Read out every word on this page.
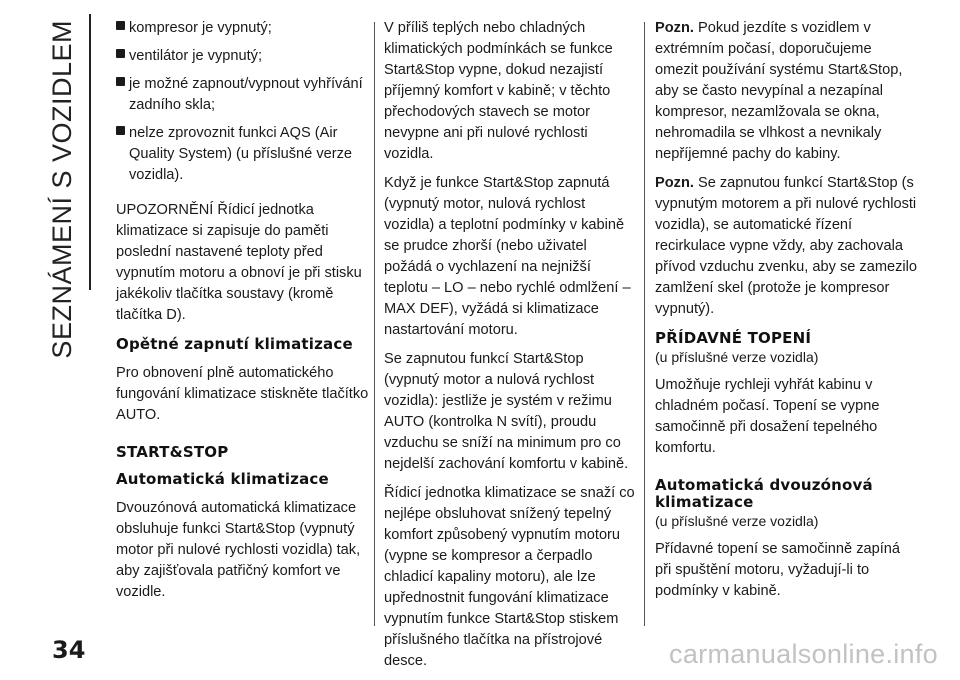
SEZNÁMENÍ S VOZIDLEM
34
kompresor je vypnutý;
ventilátor je vypnutý;
je možné zapnout/vypnout vyhřívání zadního skla;
nelze zprovoznit funkci AQS (Air Quality System) (u příslušné verze vozidla).

UPOZORNĚNÍ Řídicí jednotka klimatizace si zapisuje do paměti poslední nastavené teploty před vypnutím motoru a obnoví je při stisku jakékoliv tlačítka soustavy (kromě tlačítka D).

Opětné zapnutí klimatizace

Pro obnovení plně automatického fungování klimatizace stiskněte tlačítko AUTO.

START&STOP
Automatická klimatizace

Dvouzónová automatická klimatizace obsluhuje funkci Start&Stop (vypnutý motor při nulové rychlosti vozidla) tak, aby zajišťovala patřičný komfort ve vozidle.

V příliš teplých nebo chladných klimatických podmínkách se funkce Start&Stop vypne, dokud nezajistí příjemný komfort v kabině; v těchto přechodových stavech se motor nevypne ani při nulové rychlosti vozidla.

Když je funkce Start&Stop zapnutá (vypnutý motor, nulová rychlost vozidla) a teplotní podmínky v kabině se prudce zhorší (nebo uživatel požádá o vychlazení na nejnižší teplotu – LO – nebo rychlé odmlžení – MAX DEF), vyžádá si klimatizace nastartování motoru.

Se zapnutou funkcí Start&Stop (vypnutý motor a nulová rychlost vozidla): jestliže je systém v režimu AUTO (kontrolka N svítí), proudu vzduchu se sníží na minimum pro co nejdelší zachování komfortu v kabině.

Řídicí jednotka klimatizace se snaží co nejlépe obsluhovat snížený tepelný komfort způsobený vypnutím motoru (vypne se kompresor a čerpadlo chladicí kapaliny motoru), ale lze upřednostnit fungování klimatizace vypnutím funkce Start&Stop stiskem příslušného tlačítka na přístrojové desce.

Pozn. Pokud jezdíte s vozidlem v extrémním počasí, doporučujeme omezit používání systému Start&Stop, aby se často nevypínal a nezapínal kompresor, nezamlžovala se okna, nehromadila se vlhkost a nevnikaly nepříjemné pachy do kabiny.

Pozn. Se zapnutou funkcí Start&Stop (s vypnutým motorem a při nulové rychlosti vozidla), se automatické řízení recirkulace vypne vždy, aby zachovala přívod vzduchu zvenku, aby se zamezilo zamlžení skel (protože je kompresor vypnutý).

PŘÍDAVNÉ TOPENÍ

(u příslušné verze vozidla)

Umožňuje rychleji vyhřát kabinu v chladném počasí. Topení se vypne samočinně při dosažení tepelného komfortu.

Automatická dvouzónová klimatizace

(u příslušné verze vozidla)

Přídavné topení se samočinně zapíná při spuštění motoru, vyžadují-li to podmínky v kabině.

carmanualsonline.info
